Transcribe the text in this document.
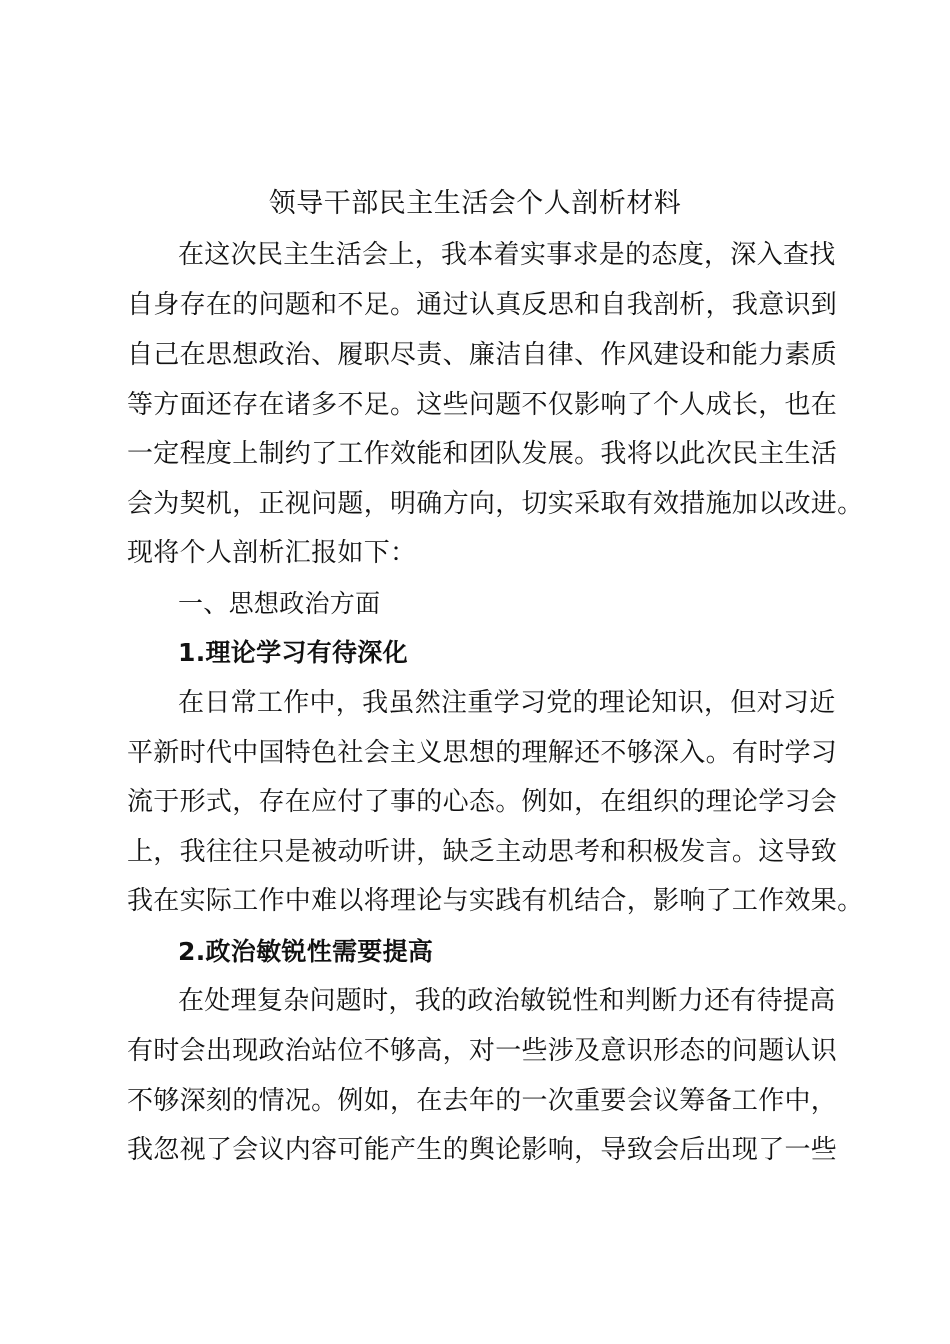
领导干部民主生活会个人剖析材料
在这次民主生活会上，我本着实事求是的态度，深入查找
自身存在的问题和不足。通过认真反思和自我剖析，我意识到
自己在思想政治、履职尽责、廉洁自律、作风建设和能力素质
等方面还存在诸多不足。这些问题不仅影响了个人成长，也在
一定程度上制约了工作效能和团队发展。我将以此次民主生活
会为契机，正视问题，明确方向，切实采取有效措施加以改进。
现将个人剖析汇报如下：
一、思想政治方面
1.理论学习有待深化
在日常工作中，我虽然注重学习党的理论知识，但对习近
平新时代中国特色社会主义思想的理解还不够深入。有时学习
流于形式，存在应付了事的心态。例如，在组织的理论学习会
上，我往往只是被动听讲，缺乏主动思考和积极发言。这导致
我在实际工作中难以将理论与实践有机结合，影响了工作效果。
2.政治敏锐性需要提高
在处理复杂问题时，我的政治敏锐性和判断力还有待提高
有时会出现政治站位不够高，对一些涉及意识形态的问题认识
不够深刻的情况。例如，在去年的一次重要会议筹备工作中，
我忽视了会议内容可能产生的舆论影响，导致会后出现了一些
